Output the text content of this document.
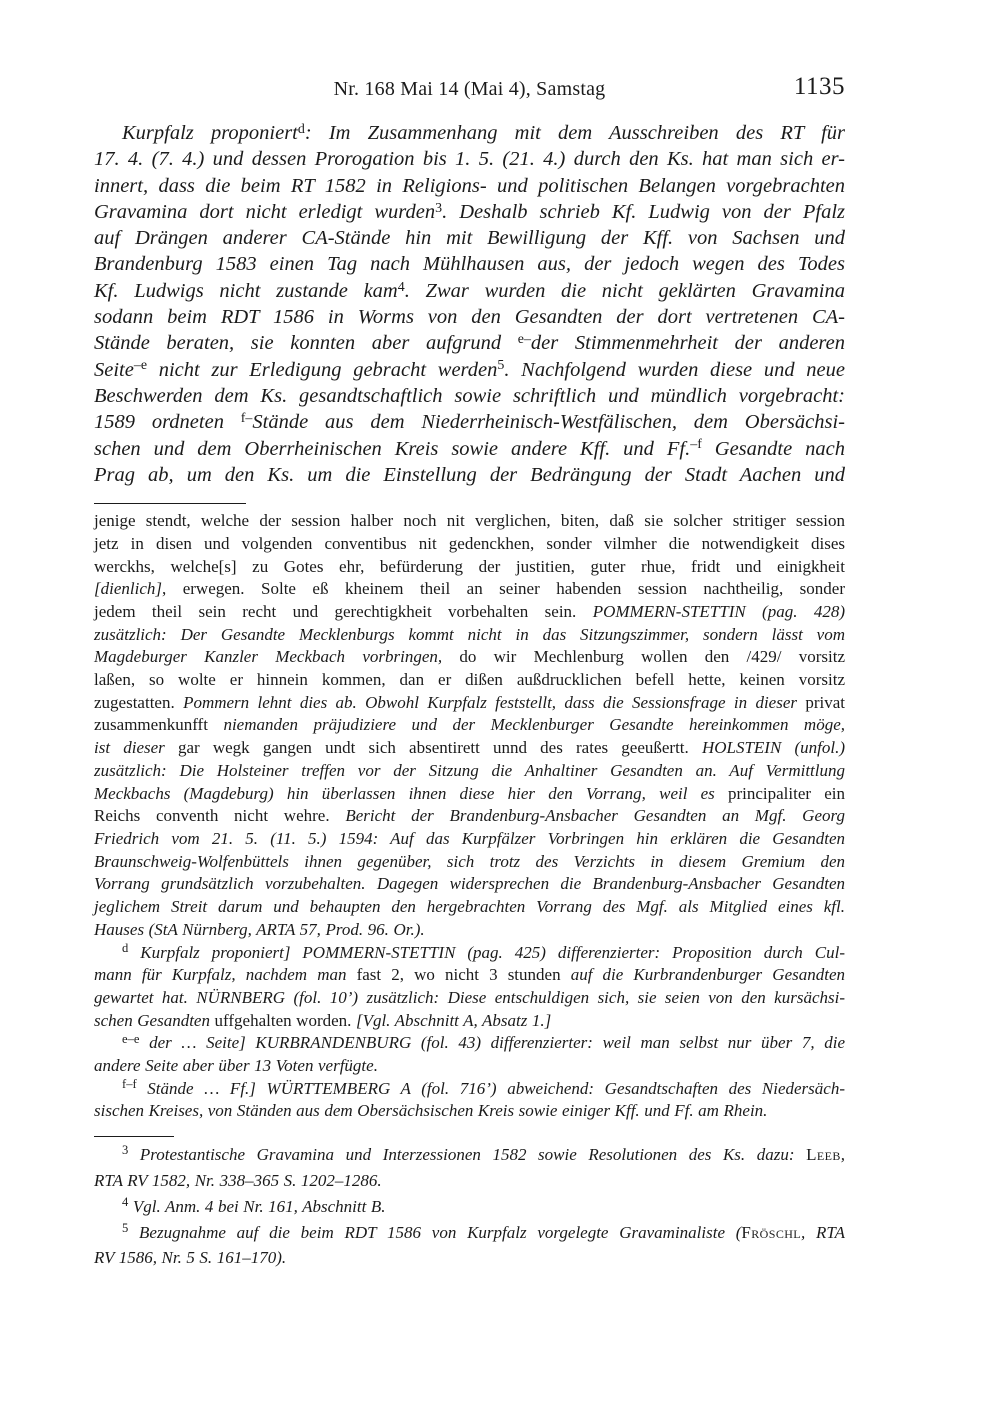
Nr. 168 Mai 14 (Mai 4), Samstag	1135
Kurpfalz proponiert$^d$: Im Zusammenhang mit dem Ausschreiben des RT für
17. 4. (7. 4.) und dessen Prorogation bis 1. 5. (21. 4.) durch den Ks. hat man sich er-
innert, dass die beim RT 1582 in Religions- und politischen Belangen vorgebrachten
Gravamina dort nicht erledigt wurden$^3$. Deshalb schrieb Kf. Ludwig von der Pfalz
auf Drängen anderer CA-Stände hin mit Bewilligung der Kff. von Sachsen und
Brandenburg 1583 einen Tag nach Mühlhausen aus, der jedoch wegen des Todes
Kf. Ludwigs nicht zustande kam$^4$. Zwar wurden die nicht geklärten Gravamina
sodann beim RDT 1586 in Worms von den Gesandten der dort vertretenen CA-
Stände beraten, sie konnten aber aufgrund $^{e-}$der Stimmenmehrheit der anderen
Seite$^{-e}$ nicht zur Erledigung gebracht werden$^5$. Nachfolgend wurden diese und neue
Beschwerden dem Ks. gesandtschaftlich sowie schriftlich und mündlich vorgebracht:
1589 ordneten $^{f-}$Stände aus dem Niederrheinisch-Westfälischen, dem Obersächsi-
schen und dem Oberrheinischen Kreis sowie andere Kff. und Ff.$^{-f}$ Gesandte nach
Prag ab, um den Ks. um die Einstellung der Bedrängung der Stadt Aachen und
jenige stendt, welche der session halber noch nit verglichen, biten, daß sie solcher stritiger session
jetz in disen und volgenden conventibus nit gedenckhen, sonder vilmher die notwendigkeit dises
werckhs, welche[s] zu Gotes ehr, befürderung der justitien, guter rhue, fridt und einigkheit
[dienlich], erwegen. Solte eß kheinem theil an seiner habenden session nachtheilig, sonder
jedem theil sein recht und gerechtigkheit vorbehalten sein. POMMERN-STETTIN (pag. 428)
zusätzlich: Der Gesandte Mecklenburgs kommt nicht in das Sitzungszimmer, sondern lässt vom
Magdeburger Kanzler Meckbach vorbringen, do wir Mechlenburg wollen den /429/ vorsitz
laßen, so wolte er hinnein kommen, dan er dißen außdrucklichen befell hette, keinen vorsitz
zugestatten. Pommern lehnt dies ab. Obwohl Kurpfalz feststellt, dass die Sessionsfrage in dieser privat
zusammenkunfft niemanden präjudiziere und der Mecklenburger Gesandte hereinkommen möge,
ist dieser gar wegk gangen undt sich absentirett unnd des rates geeußertt. HOLSTEIN (unfol.)
zusätzlich: Die Holsteiner treffen vor der Sitzung die Anhaltiner Gesandten an. Auf Vermittlung
Meckbachs (Magdeburg) hin überlassen ihnen diese hier den Vorrang, weil es principaliter ein
Reichs conventh nicht wehre. Bericht der Brandenburg-Ansbacher Gesandten an Mgf. Georg
Friedrich vom 21. 5. (11. 5.) 1594: Auf das Kurpfälzer Vorbringen hin erklären die Gesandten
Braunschweig-Wolfenbüttels ihnen gegenüber, sich trotz des Verzichts in diesem Gremium den
Vorrang grundsätzlich vorzubehalten. Dagegen widersprechen die Brandenburg-Ansbacher Gesandten
jeglichem Streit darum und behaupten den hergebrachten Vorrang des Mgf. als Mitglied eines kfl.
Hauses (StA Nürnberg, ARTA 57, Prod. 96. Or.).
$^d$ Kurpfalz proponiert] POMMERN-STETTIN (pag. 425) differenzierter: Proposition durch Cul-
mann für Kurpfalz, nachdem man fast 2, wo nicht 3 stunden auf die Kurbrandenburger Gesandten
gewartet hat. NÜRNBERG (fol. 10’) zusätzlich: Diese entschuldigen sich, sie seien von den kursächsi-
schen Gesandten uffgehalten worden. [Vgl. Abschnitt A, Absatz 1.]
$^{e-e}$ der … Seite] KURBRANDENBURG (fol. 43) differenzierter: weil man selbst nur über 7, die
andere Seite aber über 13 Voten verfügte.
$^{f-f}$ Stände … Ff.] WÜRTTEMBERG A (fol. 716’) abweichend: Gesandtschaften des Niedersäch-
sischen Kreises, von Ständen aus dem Obersächsischen Kreis sowie einiger Kff. und Ff. am Rhein.
$^3$ Protestantische Gravamina und Interzessionen 1582 sowie Resolutionen des Ks. dazu: Leeb,
RTA RV 1582, Nr. 338–365 S. 1202–1286.
$^4$ Vgl. Anm. 4 bei Nr. 161, Abschnitt B.
$^5$ Bezugnahme auf die beim RDT 1586 von Kurpfalz vorgelegte Gravaminaliste (Fröschl, RTA
RV 1586, Nr. 5 S. 161–170).
